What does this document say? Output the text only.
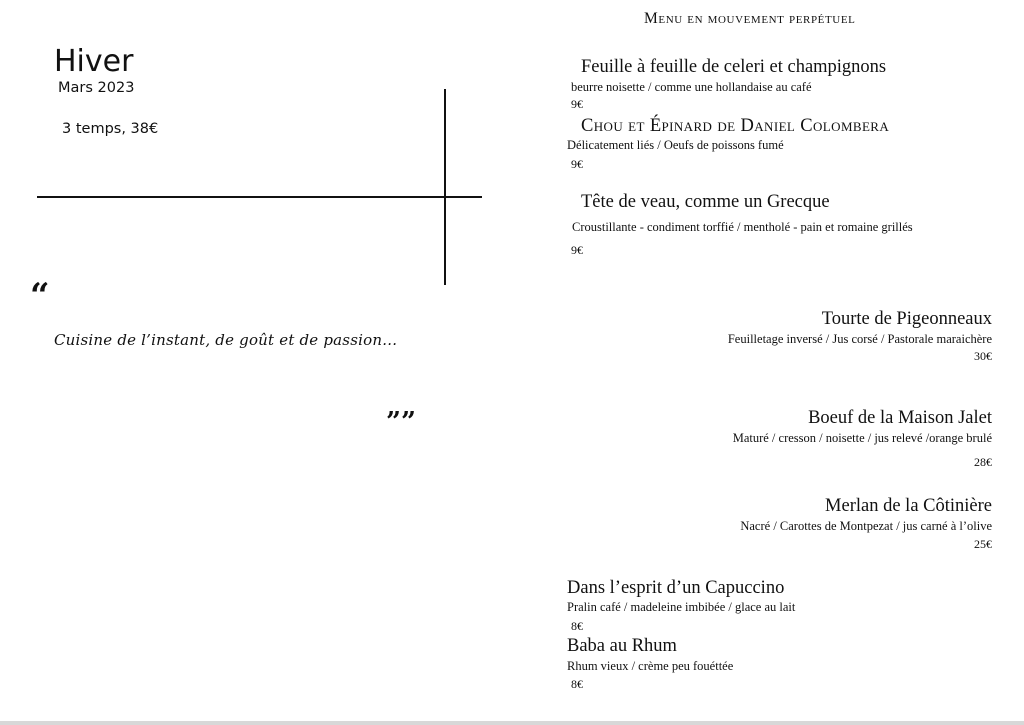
Hiver
Mars 2023
3 temps, 38€
“
Cuisine de l’instant, de goût et de passion…
””
Menu en mouvement perpétuel
Feuille à feuille de celeri et champignons
beurre noisette / comme une hollandaise au café
9€
Chou et Épinard de Daniel Colombera
Délicatement liés / Oeufs de poissons fumé
9€
Tête de veau, comme un Grecque
Croustillante - condiment torffié / mentholé - pain et romaine grillés
9€
Tourte de Pigeonneaux
Feuilletage inversé / Jus corsé / Pastorale maraichère
30€
Boeuf de la Maison Jalet
Maturé / cresson / noisette / jus relevé /orange brulé
28€
Merlan de la Côtinière
Nacré / Carottes de Montpezat / jus carné à l’olive
25€
Dans l’esprit d’un Capuccino
Pralin café / madeleine imbibée / glace au lait
8€
Baba au Rhum
Rhum vieux / crème peu fouéttée
8€
